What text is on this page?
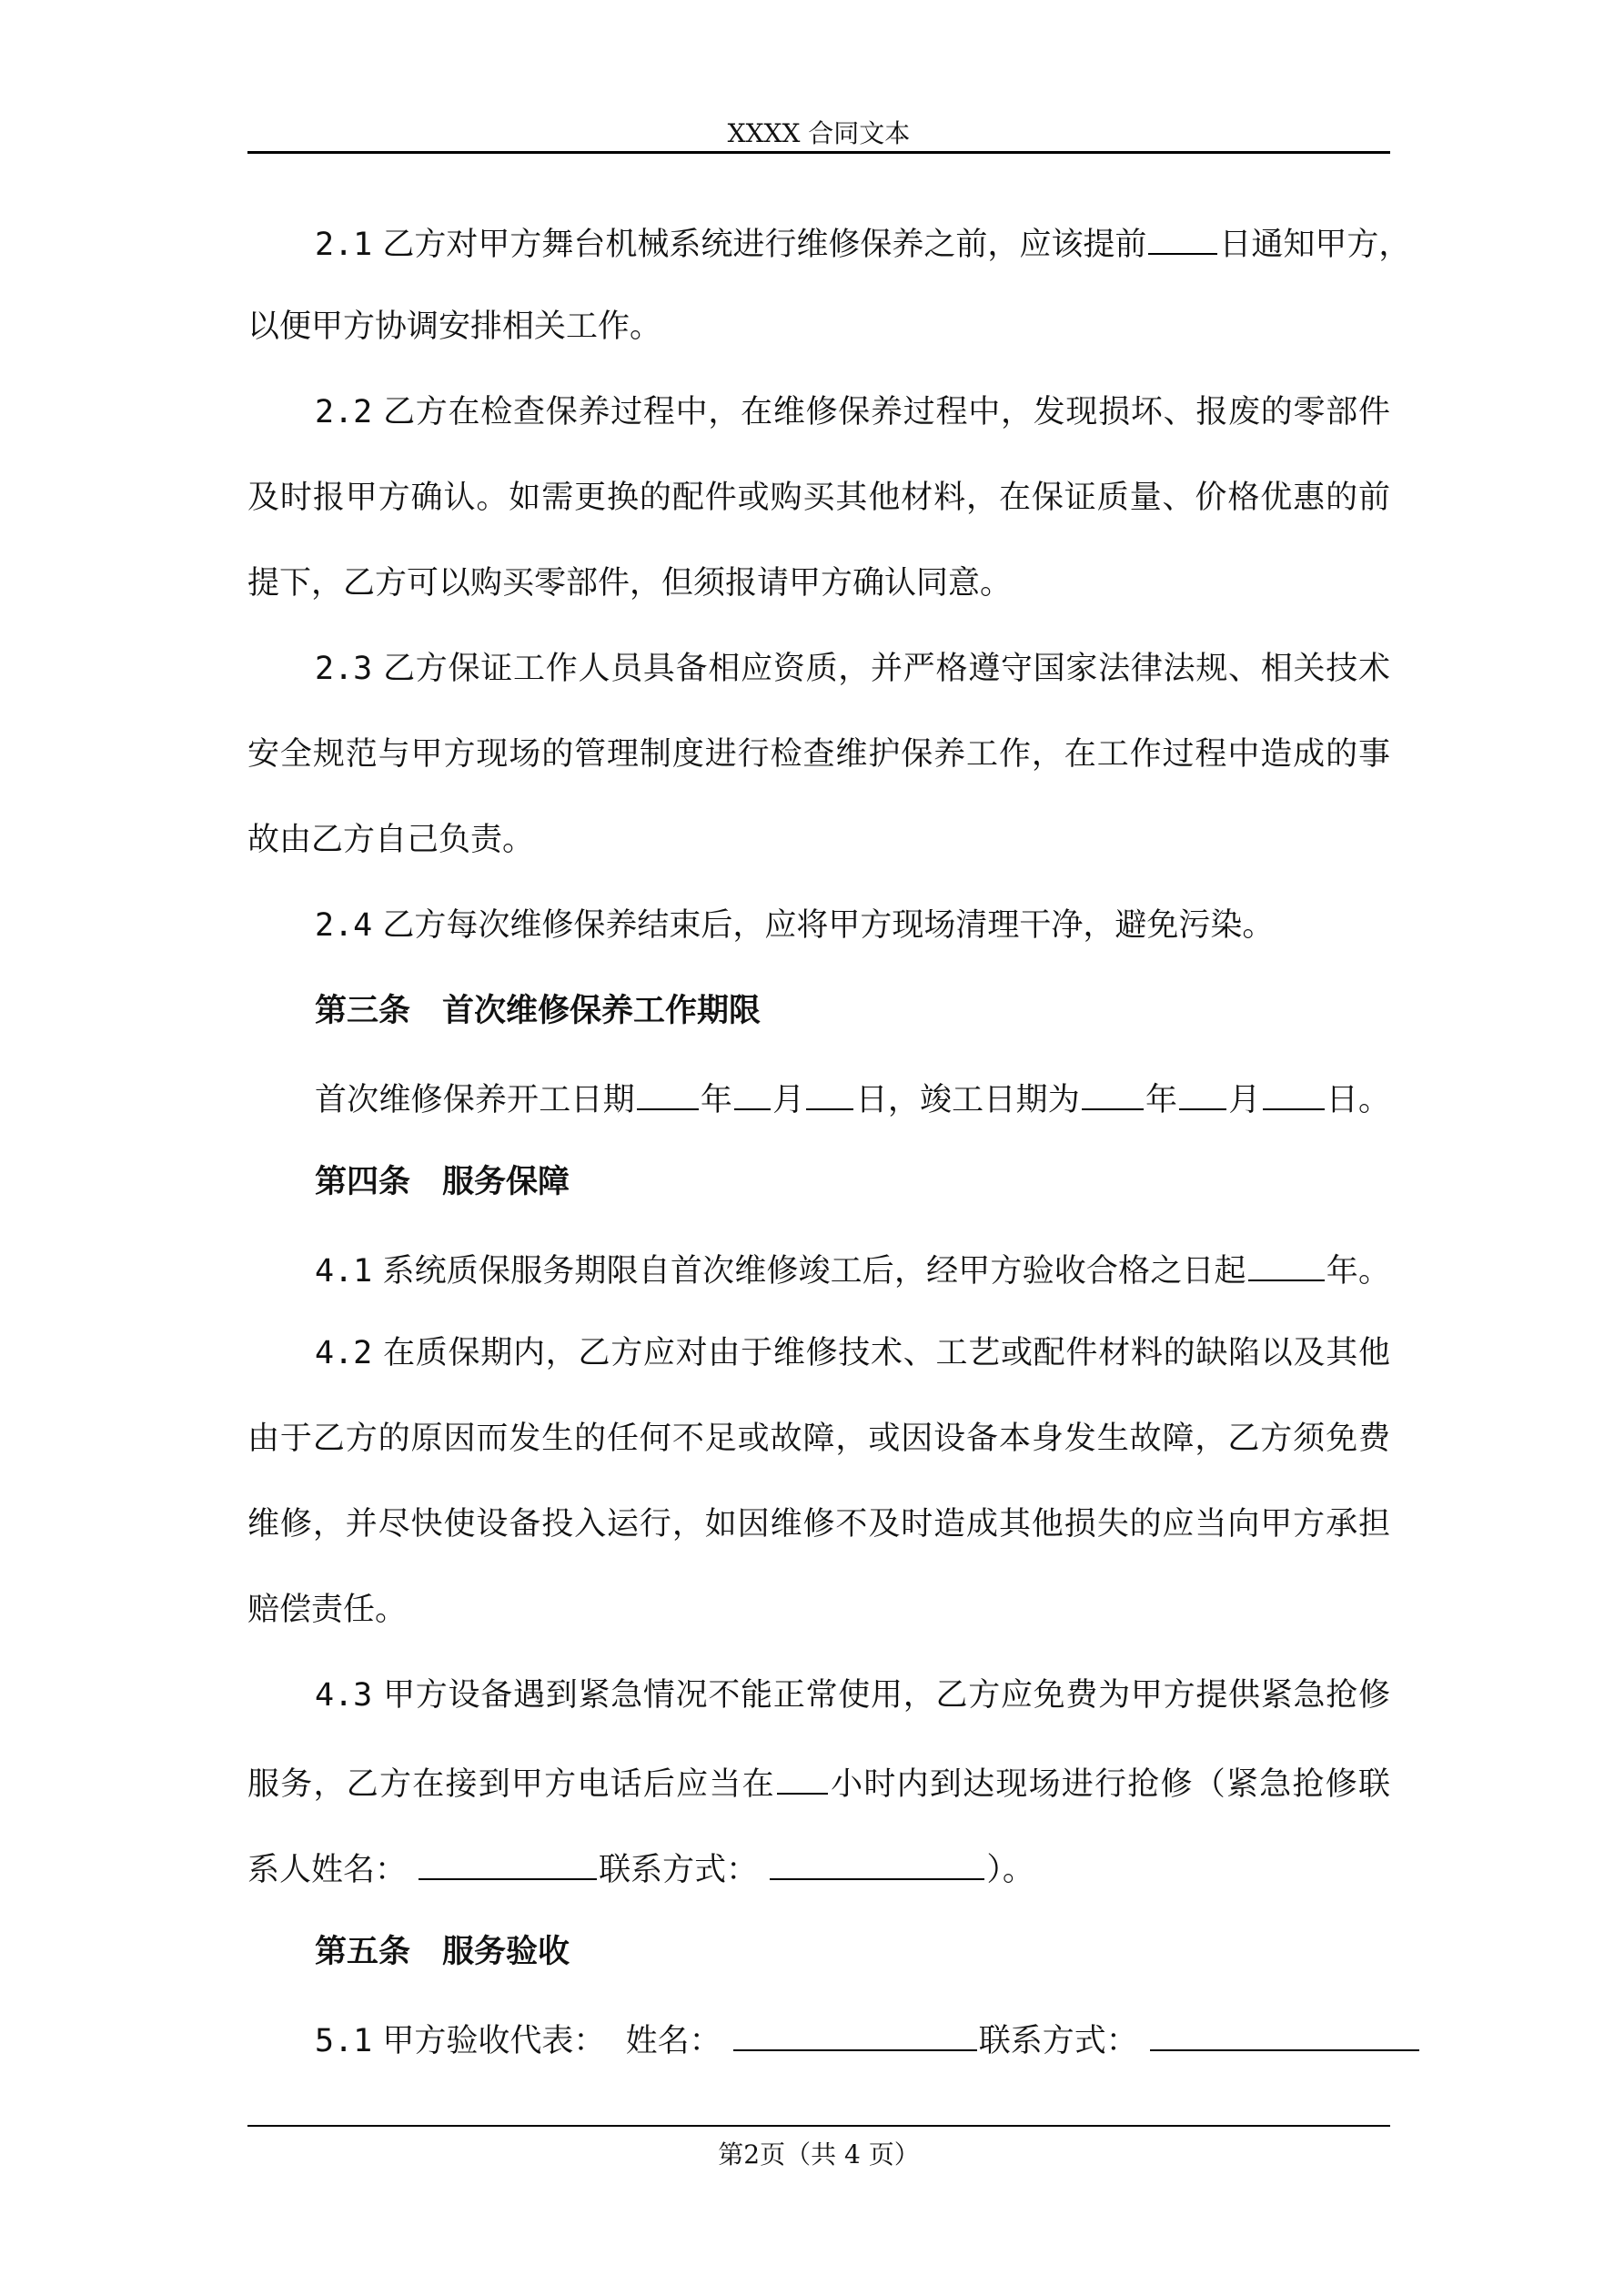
XXXX 合同文本
2.1 乙方对甲方舞台机械系统进行维修保养之前，应该提前 日通知甲方，
以便甲方协调安排相关工作。
2.2 乙方在检查保养过程中，在维修保养过程中，发现损坏、报废的零部件
及时报甲方确认。如需更换的配件或购买其他材料，在保证质量、价格优惠的前
提下，乙方可以购买零部件，但须报请甲方确认同意。
2.3 乙方保证工作人员具备相应资质，并严格遵守国家法律法规、相关技术
安全规范与甲方现场的管理制度进行检查维护保养工作，在工作过程中造成的事
故由乙方自己负责。
2.4 乙方每次维修保养结束后，应将甲方现场清理干净，避免污染。
第三条　首次维修保养工作期限
首次维修保养开工日期 年 月 日，竣工日期为 年 月 日。
第四条　服务保障
4.1 系统质保服务期限自首次维修竣工后，经甲方验收合格之日起	年。
4.2 在质保期内，乙方应对由于维修技术、工艺或配件材料的缺陷以及其他
由于乙方的原因而发生的任何不足或故障，或因设备本身发生故障，乙方须免费
维修，并尽快使设备投入运行，如因维修不及时造成其他损失的应当向甲方承担
赔偿责任。
4.3 甲方设备遇到紧急情况不能正常使用，乙方应免费为甲方提供紧急抢修
服务，乙方在接到甲方电话后应当在 小时内到达现场进行抢修（紧急抢修联
系人姓名：	联系方式：	）。
第五条　服务验收
5.1 甲方验收代表： 姓名：	联系方式：
第2页（共 4 页）
